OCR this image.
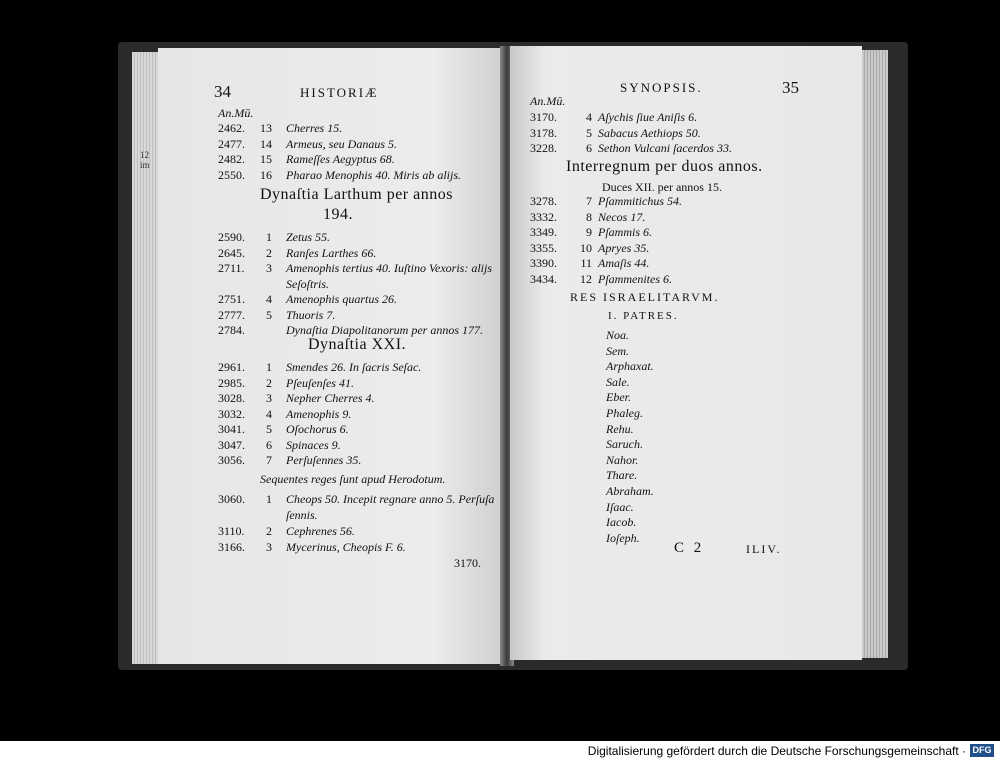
34	HISTORIÆ
An.Mū.
2462.	13 Cherres 15.
2477.	14 Armeus, seu Danaus 5.
2482.	15 Rameſſes Aegyptus 68.
2550.	16 Pharao Menophis 40. Miris ab alijs.
Dynaſtia Larthum per annos
194.
2590.	1 Zetus 55.
2645.	2 Ranſes Larthes 66.
2711.	3 Amenophis tertius 40. Iuſtino Vexoris: alijs
Seſoſtris.
2751.	4 Amenophis quartus 26.
2777.	5 Thuoris 7.
2784.	Dynaſtia Diapolitanorum per annos 177.
Dynaſtia XXI.
2961.	1 Smendes 26. In ſacris Seſac.
2985.	2 Pſeuſenſes 41.
3028.	3 Nepher Cherres 4.
3032.	4 Amenophis 9.
3041.	5 Oſochorus 6.
3047.	6 Spinaces 9.
3056.	7 Perſuſennes 35.
Sequentes reges ſunt apud Herodotum.
3060.	1 Cheops 50. Incepit regnare anno 5. Perſuſa
ſennis.
3110.	2 Cephrenes 56.
3166.	3 Mycerinus, Cheopis F. 6.
3170.
12
im
SYNOPSIS.	35
An.Mū.
3170.	4 Aſychis ſiue Aniſis 6.
3178.	5 Sabacus Aethiops 50.
3228.	6 Sethon Vulcani ſacerdos 33.
Interregnum per duos annos.
Duces XII. per annos 15.
3278.	7 Pſammitichus 54.
3332.	8 Necos 17.
3349.	9 Pſammis 6.
3355.	10 Apryes 35.
3390.	11 Amaſis 44.
3434.	12 Pſammenites 6.
RES ISRAELITARVM.
I. PATRES.
Noa.
Sem.
Arphaxat.
Sale.
Eber.
Phaleg.
Rehu.
Saruch.
Nahor.
Thare.
Abraham.
Iſaac.
Iacob.
Ioſeph.
C 2	ILIV.
Digitalisierung gefördert durch die Deutsche Forschungsgemeinschaft · DFG
